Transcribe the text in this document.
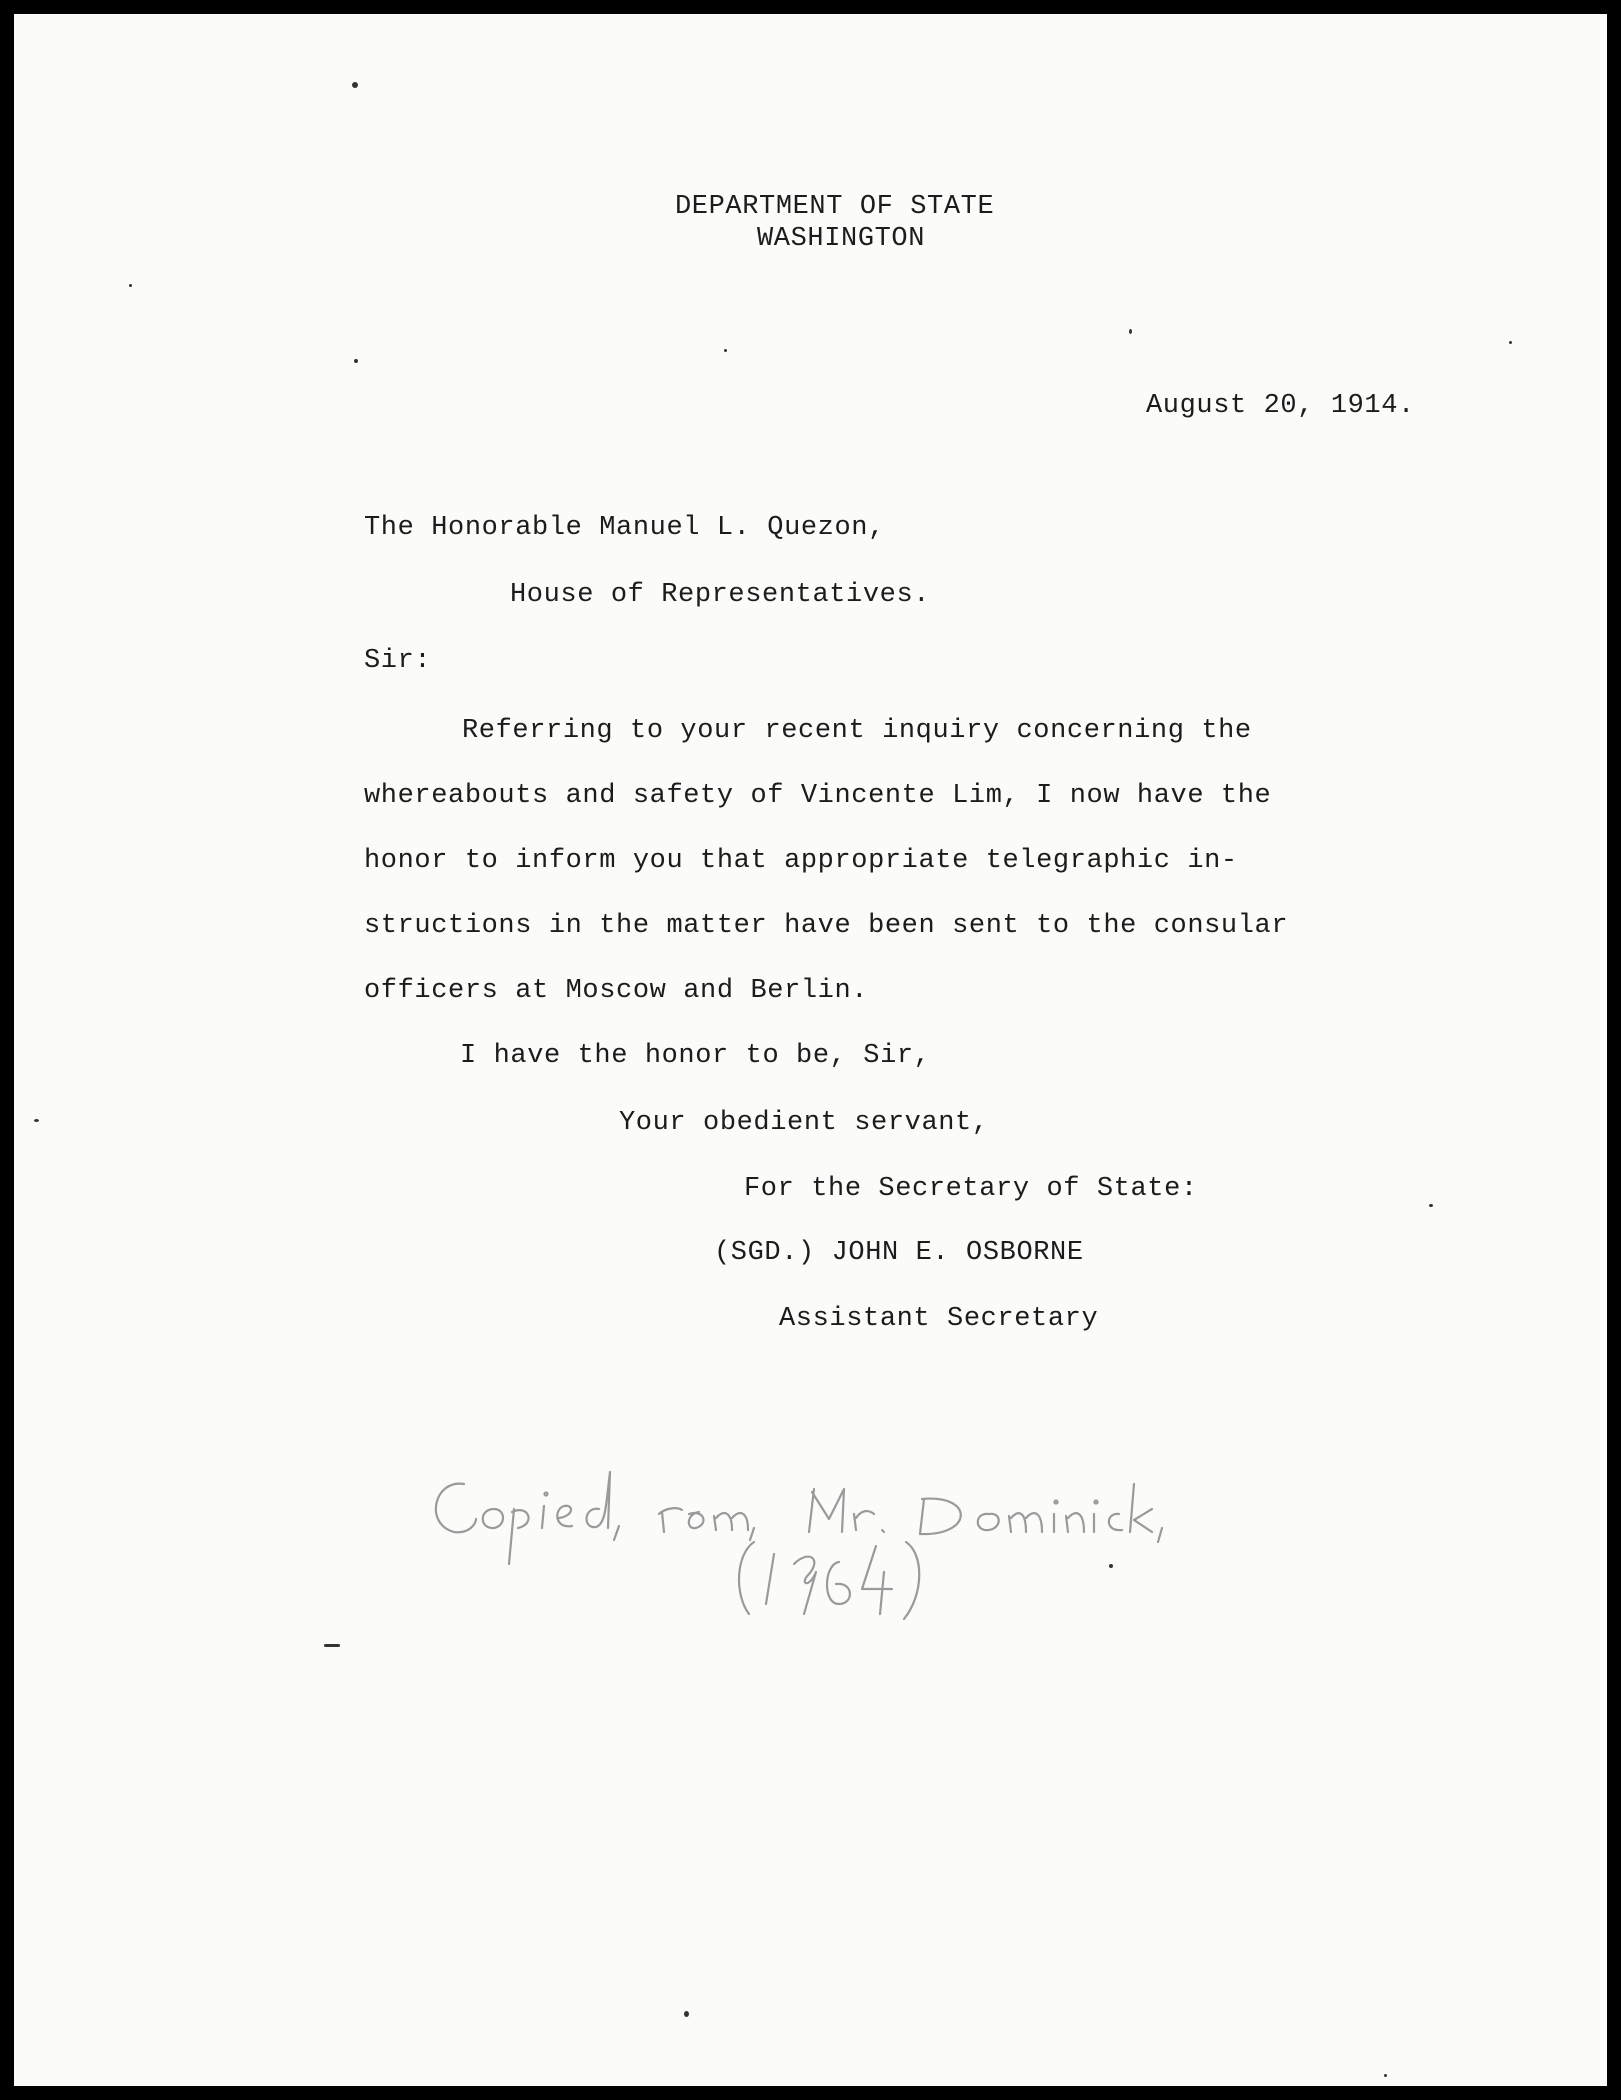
DEPARTMENT OF STATE
WASHINGTON
August 20, 1914.
The Honorable Manuel L. Quezon,
House of Representatives.
Sir:
Referring to your recent inquiry concerning the
whereabouts and safety of Vincente Lim, I now have the
honor to inform you that appropriate telegraphic in-
structions in the matter have been sent to the consular
officers at Moscow and Berlin.
I have the honor to be, Sir,
Your obedient servant,
For the Secretary of State:
(SGD.) JOHN E. OSBORNE
Assistant Secretary
